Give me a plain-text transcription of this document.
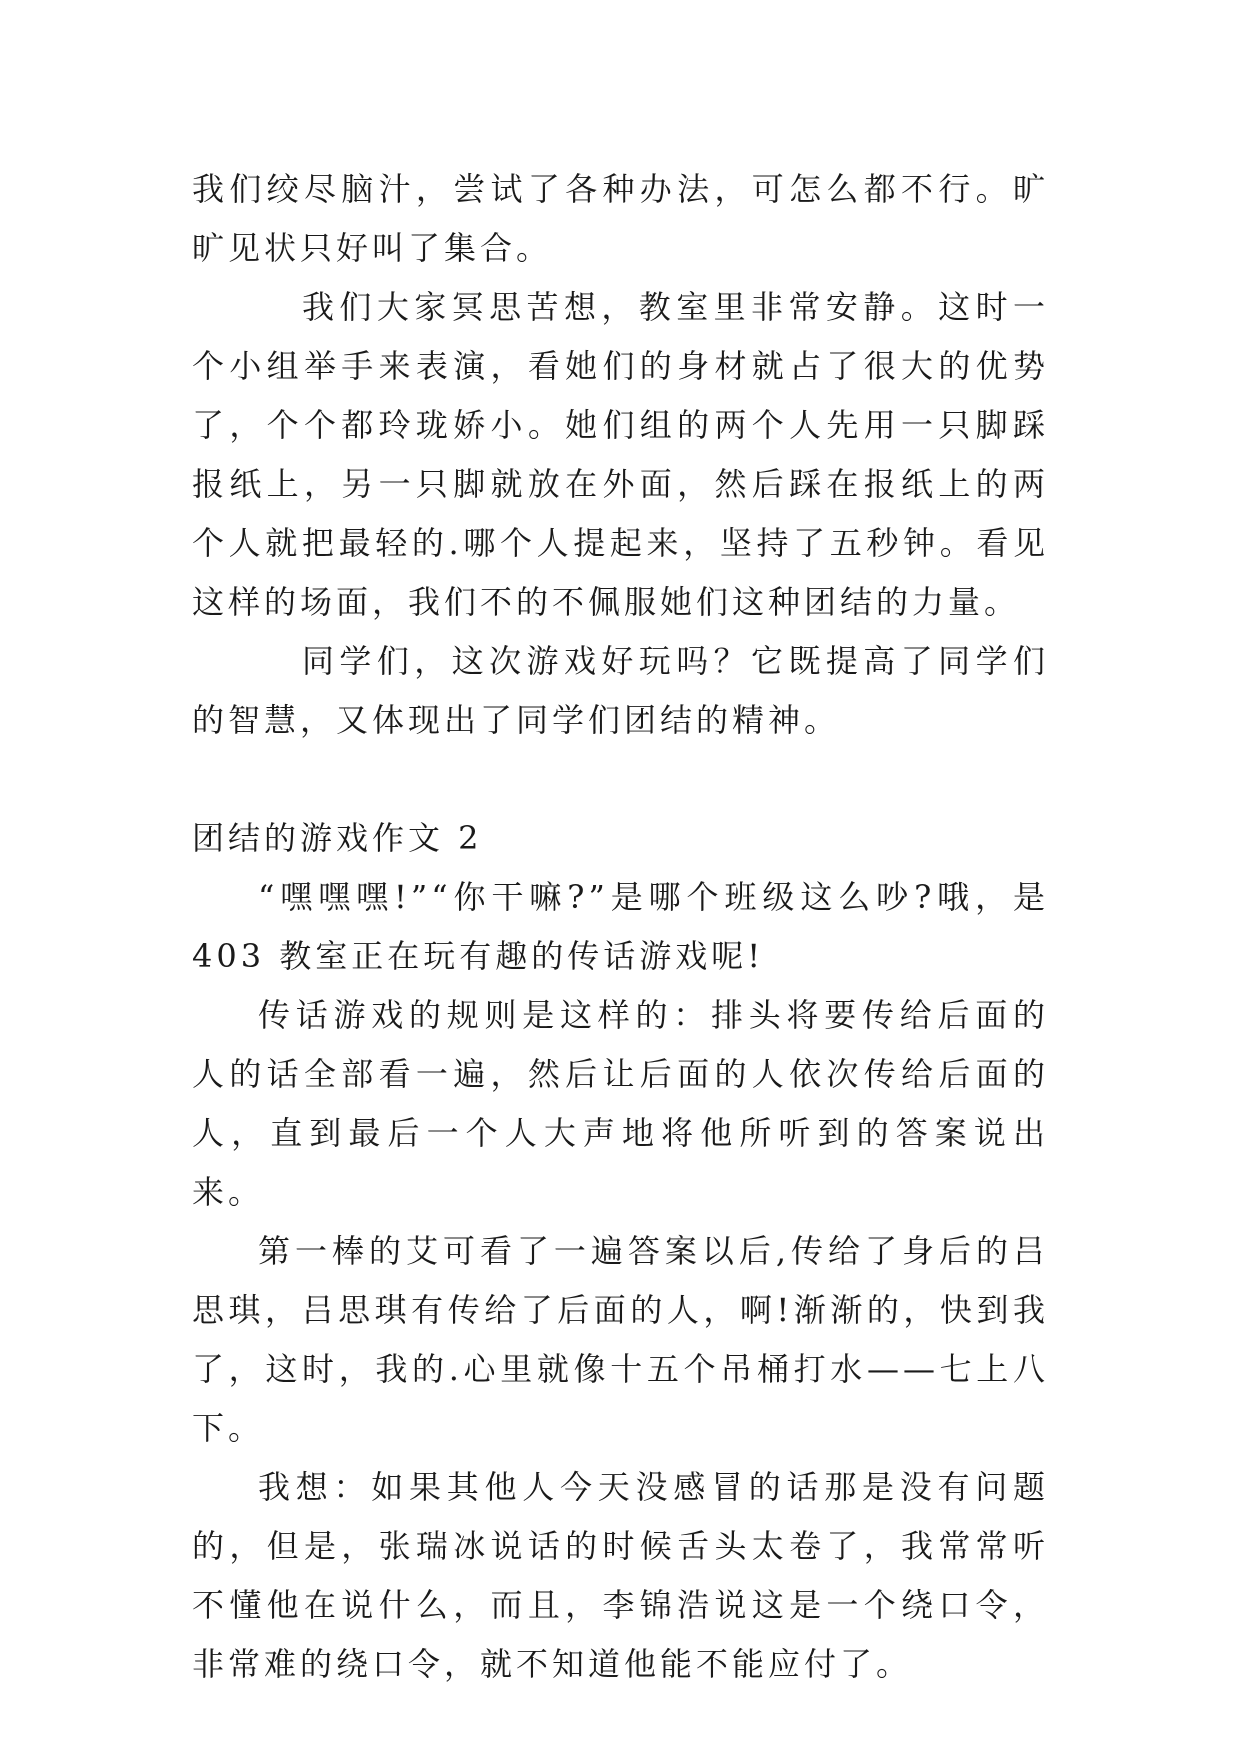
我们绞尽脑汁，尝试了各种办法，可怎么都不行。旷旷见状只好叫了集合。

我们大家冥思苦想，教室里非常安静。这时一个小组举手来表演，看她们的身材就占了很大的优势了，个个都玲珑娇小。她们组的两个人先用一只脚踩报纸上，另一只脚就放在外面，然后踩在报纸上的两个人就把最轻的.哪个人提起来，坚持了五秒钟。看见这样的场面，我们不的不佩服她们这种团结的力量。

同学们，这次游戏好玩吗？它既提高了同学们的智慧，又体现出了同学们团结的精神。

团结的游戏作文 2

“嘿嘿嘿!”“你干嘛?”是哪个班级这么吵?哦，是 403 教室正在玩有趣的传话游戏呢!

传话游戏的规则是这样的：排头将要传给后面的人的话全部看一遍，然后让后面的人依次传给后面的人，直到最后一个人大声地将他所听到的答案说出来。

第一棒的艾可看了一遍答案以后,传给了身后的吕思琪，吕思琪有传给了后面的人，啊!渐渐的，快到我了，这时，我的.心里就像十五个吊桶打水——七上八下。

我想：如果其他人今天没感冒的话那是没有问题的，但是，张瑞冰说话的时候舌头太卷了，我常常听不懂他在说什么，而且，李锦浩说这是一个绕口令，非常难的绕口令，就不知道他能不能应付了。
